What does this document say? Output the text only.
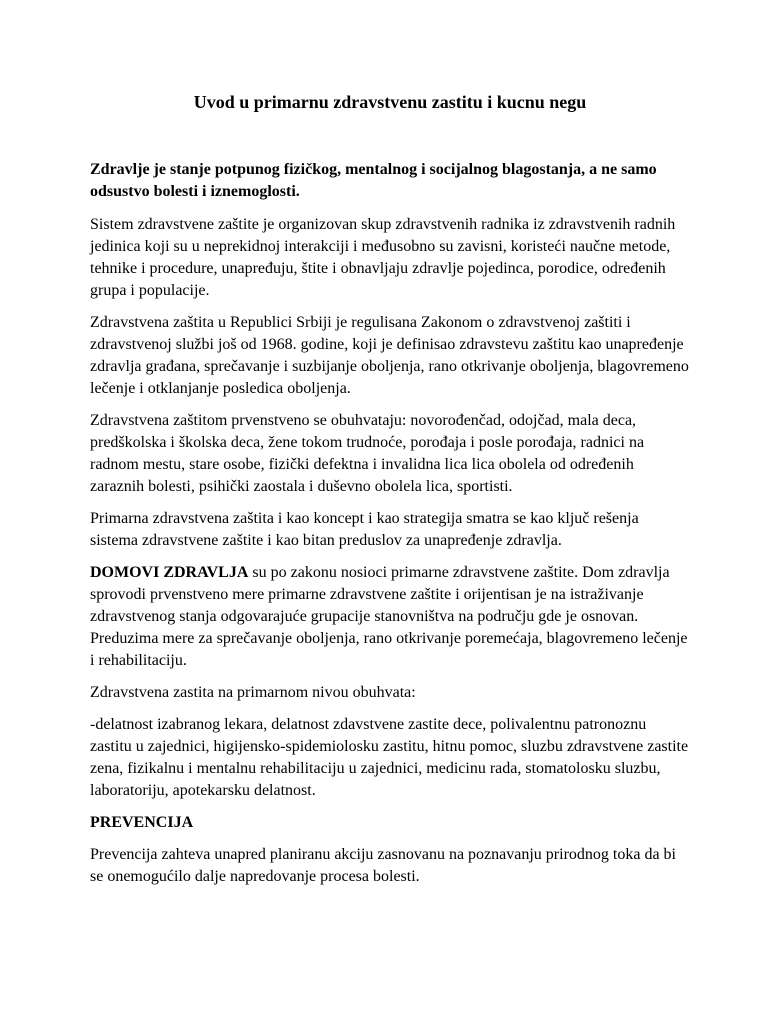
Uvod u primarnu zdravstvenu zastitu i kucnu negu

Zdravlje je stanje potpunog fizičkog, mentalnog i socijalnog blagostanja, a ne samo odsustvo bolesti i iznemoglosti.

Sistem zdravstvene zaštite je organizovan skup zdravstvenih radnika iz zdravstvenih radnih jedinica koji su u neprekidnoj interakciji i međusobno su zavisni, koristeći naučne metode, tehnike i procedure, unapređuju, štite i obnavljaju zdravlje pojedinca, porodice, određenih grupa i populacije.

Zdravstvena zaštita u Republici Srbiji je regulisana Zakonom o zdravstvenoj zaštiti i zdravstvenoj službi još od 1968. godine, koji je definisao zdravstevu zaštitu kao unapređenje zdravlja građana, sprečavanje i suzbijanje oboljenja, rano otkrivanje oboljenja, blagovremeno lečenje i otklanjanje posledica oboljenja.

Zdravstvena zaštitom prvenstveno se obuhvataju: novorođenčad, odojčad, mala deca, predškolska i školska deca, žene tokom trudnoće, porođaja i posle porođaja, radnici na radnom mestu, stare osobe, fizički defektna i invalidna lica lica obolela od određenih zaraznih bolesti, psihički zaostala i duševno obolela lica, sportisti.

Primarna zdravstvena zaštita i kao koncept i kao strategija smatra se kao ključ rešenja sistema zdravstvene zaštite i kao bitan preduslov za unapređenje zdravlja.

DOMOVI ZDRAVLJA su po zakonu nosioci primarne zdravstvene zaštite. Dom zdravlja sprovodi prvenstveno mere primarne zdravstvene zaštite i orijentisan je na istraživanje zdravstvenog stanja odgovarajuće grupacije stanovništva na području gde je osnovan. Preduzima mere za sprečavanje oboljenja, rano otkrivanje poremećaja, blagovremeno lečenje i rehabilitaciju.

Zdravstvena zastita na primarnom nivou obuhvata:

-delatnost izabranog lekara, delatnost zdavstvene zastite dece, polivalentnu patronoznu zastitu u zajednici, higijensko-spidemiolosku zastitu, hitnu pomoc, sluzbu zdravstvene zastite zena, fizikalnu i mentalnu rehabilitaciju u zajednici, medicinu rada, stomatolosku sluzbu, laboratoriju, apotekarsku delatnost.

PREVENCIJA

Prevencija zahteva unapred planiranu akciju zasnovanu na poznavanju prirodnog toka da bi se onemogućilo dalje napredovanje procesa bolesti.
